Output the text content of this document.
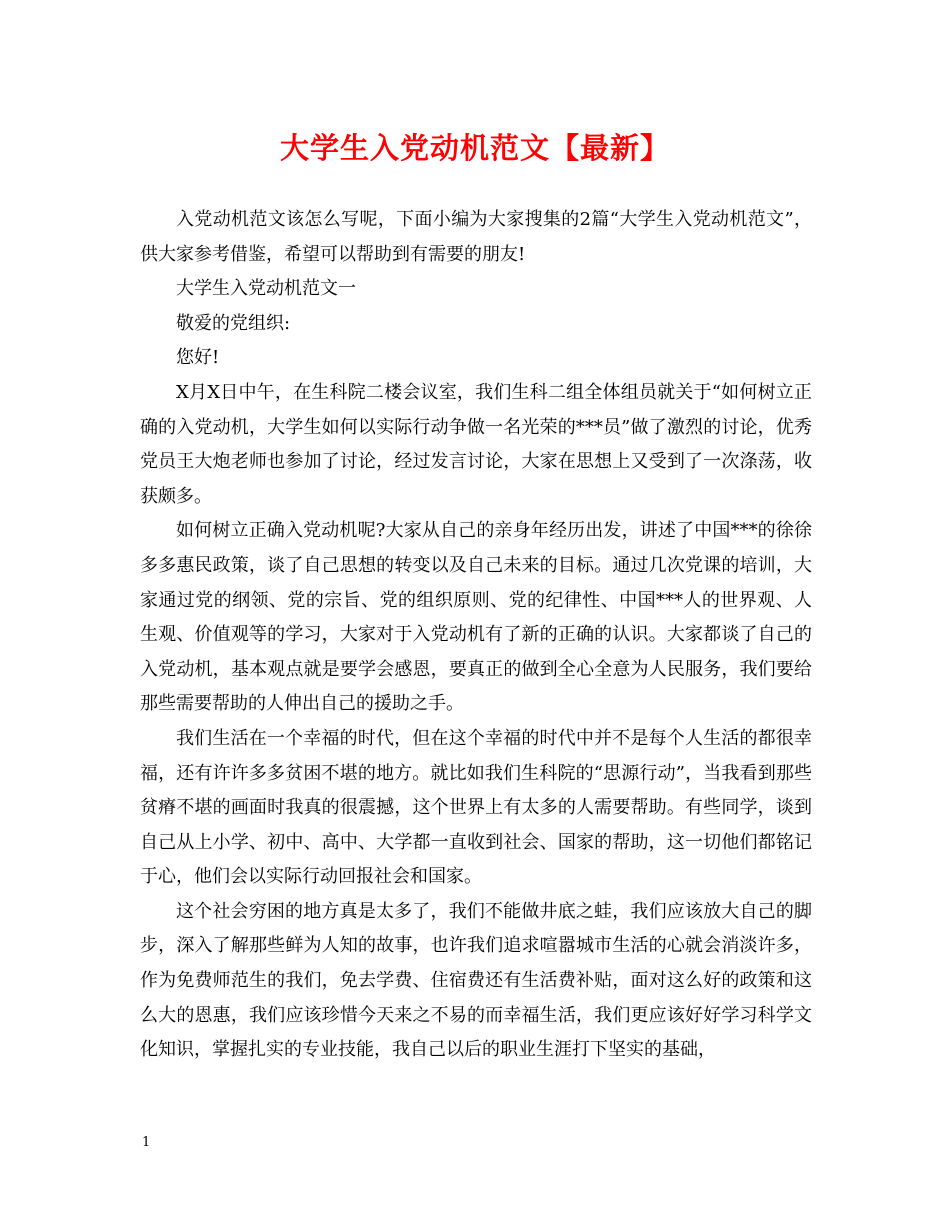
大学生入党动机范文【最新】

入党动机范文该怎么写呢，下面小编为大家搜集的2篇“大学生入党动机范文”，供大家参考借鉴，希望可以帮助到有需要的朋友!

大学生入党动机范文一

敬爱的党组织:

您好!

X月X日中午，在生科院二楼会议室，我们生科二组全体组员就关于“如何树立正确的入党动机，大学生如何以实际行动争做一名光荣的***员”做了激烈的讨论，优秀党员王大炮老师也参加了讨论，经过发言讨论，大家在思想上又受到了一次涤荡，收获颇多。

如何树立正确入党动机呢?大家从自己的亲身年经历出发，讲述了中国***的徐徐多多惠民政策，谈了自己思想的转变以及自己未来的目标。通过几次党课的培训，大家通过党的纲领、党的宗旨、党的组织原则、党的纪律性、中国***人的世界观、人生观、价值观等的学习，大家对于入党动机有了新的正确的认识。大家都谈了自己的入党动机，基本观点就是要学会感恩，要真正的做到全心全意为人民服务，我们要给那些需要帮助的人伸出自己的援助之手。

我们生活在一个幸福的时代，但在这个幸福的时代中并不是每个人生活的都很幸福，还有许许多多贫困不堪的地方。就比如我们生科院的“思源行动”，当我看到那些贫瘠不堪的画面时我真的很震撼，这个世界上有太多的人需要帮助。有些同学，谈到自己从上小学、初中、高中、大学都一直收到社会、国家的帮助，这一切他们都铭记于心，他们会以实际行动回报社会和国家。

这个社会穷困的地方真是太多了，我们不能做井底之蛙，我们应该放大自己的脚步，深入了解那些鲜为人知的故事，也许我们追求喧嚣城市生活的心就会消淡许多，作为免费师范生的我们，免去学费、住宿费还有生活费补贴，面对这么好的政策和这么大的恩惠，我们应该珍惜今天来之不易的而幸福生活，我们更应该好好学习科学文化知识，掌握扎实的专业技能，我自己以后的职业生涯打下坚实的基础，

1
